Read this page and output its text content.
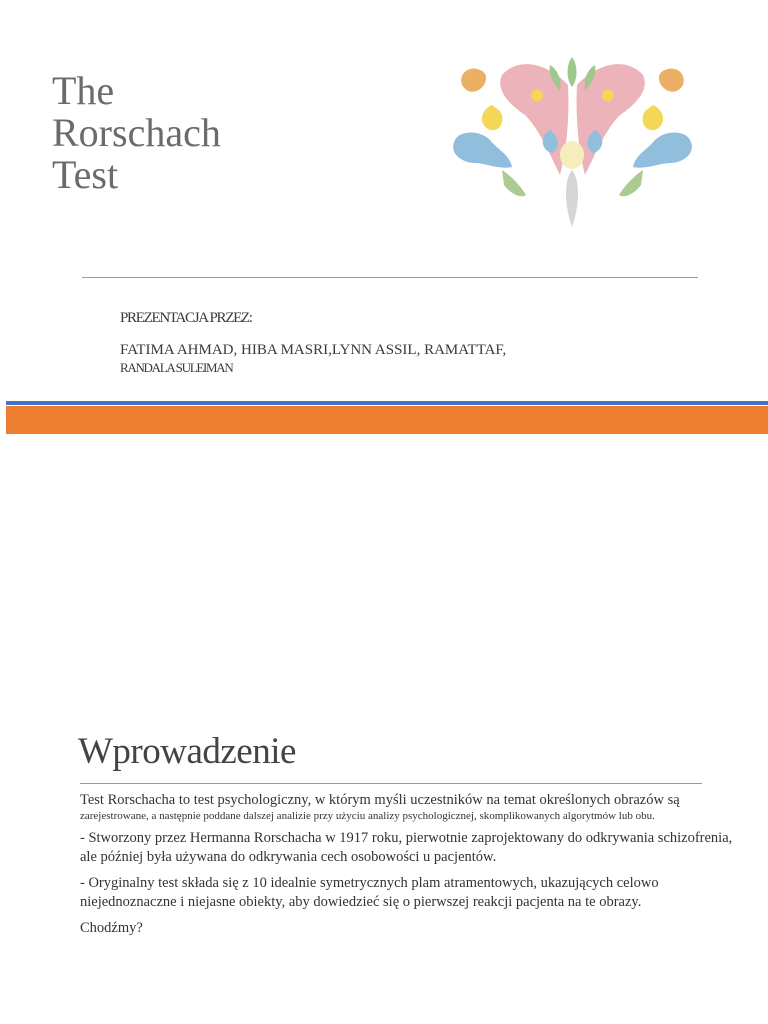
The
Rorschach
Test

PREZENTACJA PRZEZ:

FATIMA AHMAD, HIBA MASRI,LYNN ASSIL, RAMATTAF,
RANDALA SULEIMAN

Wprowadzenie

Test Rorschacha to test psychologiczny, w którym myśli uczestników na temat określonych obrazów są
zarejestrowane, a następnie poddane dalszej analizie przy użyciu analizy psychologicznej, skomplikowanych algorytmów lub obu.

- Stworzony przez Hermanna Rorschacha w 1917 roku, pierwotnie zaprojektowany do odkrywania schizofrenia, ale później była używana do odkrywania cech osobowości u pacjentów.

- Oryginalny test składa się z 10 idealnie symetrycznych plam atramentowych, ukazujących celowo niejednoznaczne i niejasne obiekty, aby dowiedzieć się o pierwszej reakcji pacjenta na te obrazy.

Chodźmy?
